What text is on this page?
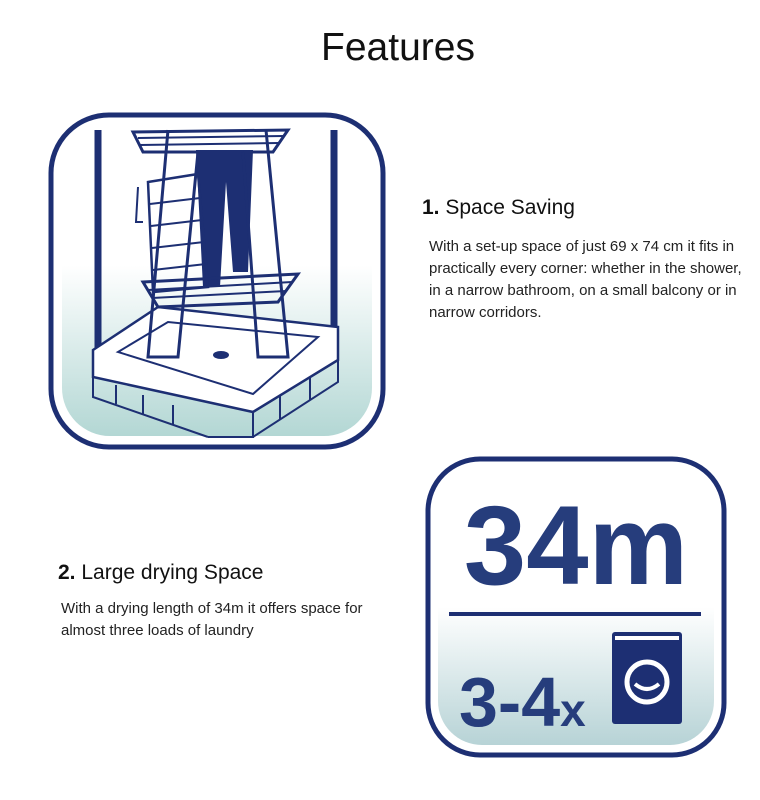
Features
1. Space Saving
With a set-up space of just 69 x 74 cm it fits in practically every corner: whether in the shower, in a narrow bathroom, on a small balcony or in narrow corridors.
2. Large drying Space
With a drying length of 34m it offers space for almost three loads of laundry
34m
3-4x
